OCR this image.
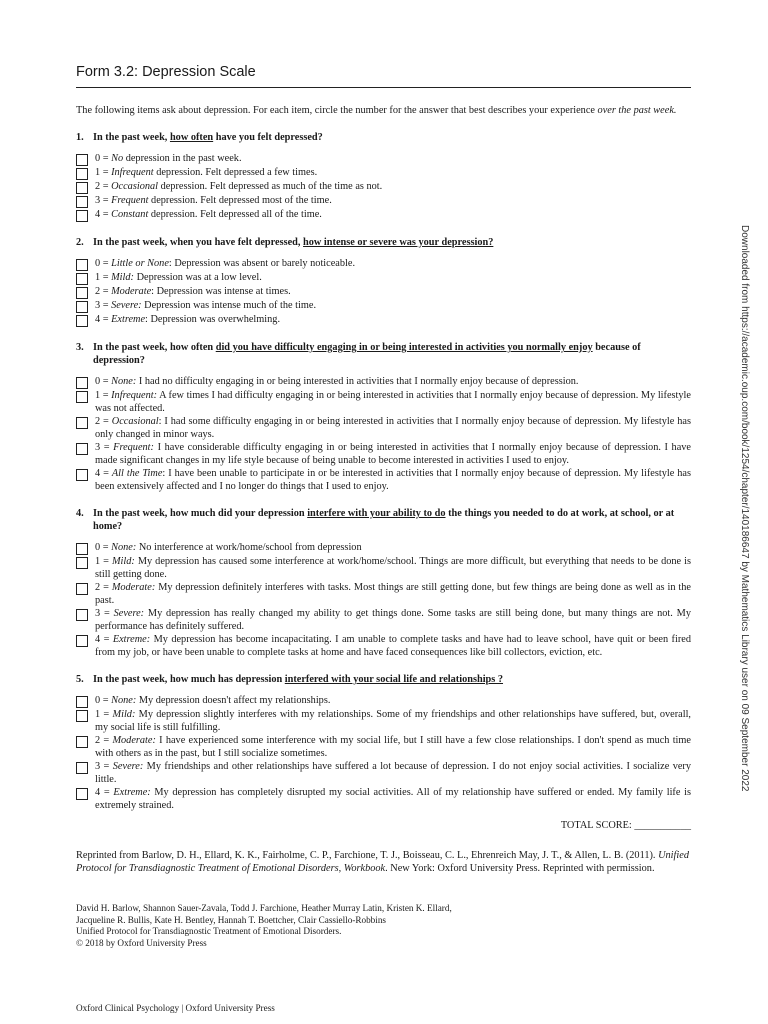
Form 3.2: Depression Scale

The following items ask about depression. For each item, circle the number for the answer that best describes your experience over the past week.

1. In the past week, how often have you felt depressed?
0 = No depression in the past week.
1 = Infrequent depression. Felt depressed a few times.
2 = Occasional depression. Felt depressed as much of the time as not.
3 = Frequent depression. Felt depressed most of the time.
4 = Constant depression. Felt depressed all of the time.
2. In the past week, when you have felt depressed, how intense or severe was your depression?
0 = Little or None: Depression was absent or barely noticeable.
1 = Mild: Depression was at a low level.
2 = Moderate: Depression was intense at times.
3 = Severe: Depression was intense much of the time.
4 = Extreme: Depression was overwhelming.
3. In the past week, how often did you have difficulty engaging in or being interested in activities you normally enjoy because of depression?
0 = None: I had no difficulty engaging in or being interested in activities that I normally enjoy because of depression.
1 = Infrequent: A few times I had difficulty engaging in or being interested in activities that I normally enjoy because of depression. My lifestyle was not affected.
2 = Occasional: I had some difficulty engaging in or being interested in activities that I normally enjoy because of depression. My lifestyle has only changed in minor ways.
3 = Frequent: I have considerable difficulty engaging in or being interested in activities that I normally enjoy because of depression. I have made significant changes in my life style because of being unable to become interested in activities I used to enjoy.
4 = All the Time: I have been unable to participate in or be interested in activities that I normally enjoy because of depression. My lifestyle has been extensively affected and I no longer do things that I used to enjoy.
4. In the past week, how much did your depression interfere with your ability to do the things you needed to do at work, at school, or at home?
0 = None: No interference at work/home/school from depression
1 = Mild: My depression has caused some interference at work/home/school. Things are more difficult, but everything that needs to be done is still getting done.
2 = Moderate: My depression definitely interferes with tasks. Most things are still getting done, but few things are being done as well as in the past.
3 = Severe: My depression has really changed my ability to get things done. Some tasks are still being done, but many things are not. My performance has definitely suffered.
4 = Extreme: My depression has become incapacitating. I am unable to complete tasks and have had to leave school, have quit or been fired from my job, or have been unable to complete tasks at home and have faced consequences like bill collectors, eviction, etc.
5. In the past week, how much has depression interfered with your social life and relationships ?
0 = None: My depression doesn't affect my relationships.
1 = Mild: My depression slightly interferes with my relationships. Some of my friendships and other relationships have suffered, but, overall, my social life is still fulfilling.
2 = Moderate: I have experienced some interference with my social life, but I still have a few close relationships. I don't spend as much time with others as in the past, but I still socialize sometimes.
3 = Severe: My friendships and other relationships have suffered a lot because of depression. I do not enjoy social activities. I socialize very little.
4 = Extreme: My depression has completely disrupted my social activities. All of my relationship have suffered or ended. My family life is extremely strained.
TOTAL SCORE: ___________
Reprinted from Barlow, D. H., Ellard, K. K., Fairholme, C. P., Farchione, T. J., Boisseau, C. L., Ehrenreich May, J. T., & Allen, L. B. (2011). Unified Protocol for Transdiagnostic Treatment of Emotional Disorders, Workbook. New York: Oxford University Press. Reprinted with permission.
David H. Barlow, Shannon Sauer-Zavala, Todd J. Farchione, Heather Murray Latin, Kristen K. Ellard,
Jacqueline R. Bullis, Kate H. Bentley, Hannah T. Boettcher, Clair Cassiello-Robbins
Unified Protocol for Transdiagnostic Treatment of Emotional Disorders.
© 2018 by Oxford University Press
Oxford Clinical Psychology | Oxford University Press
Downloaded from https://academic.oup.com/book/1254/chapter/140186647 by Mathematics Library user on 09 September 2022
